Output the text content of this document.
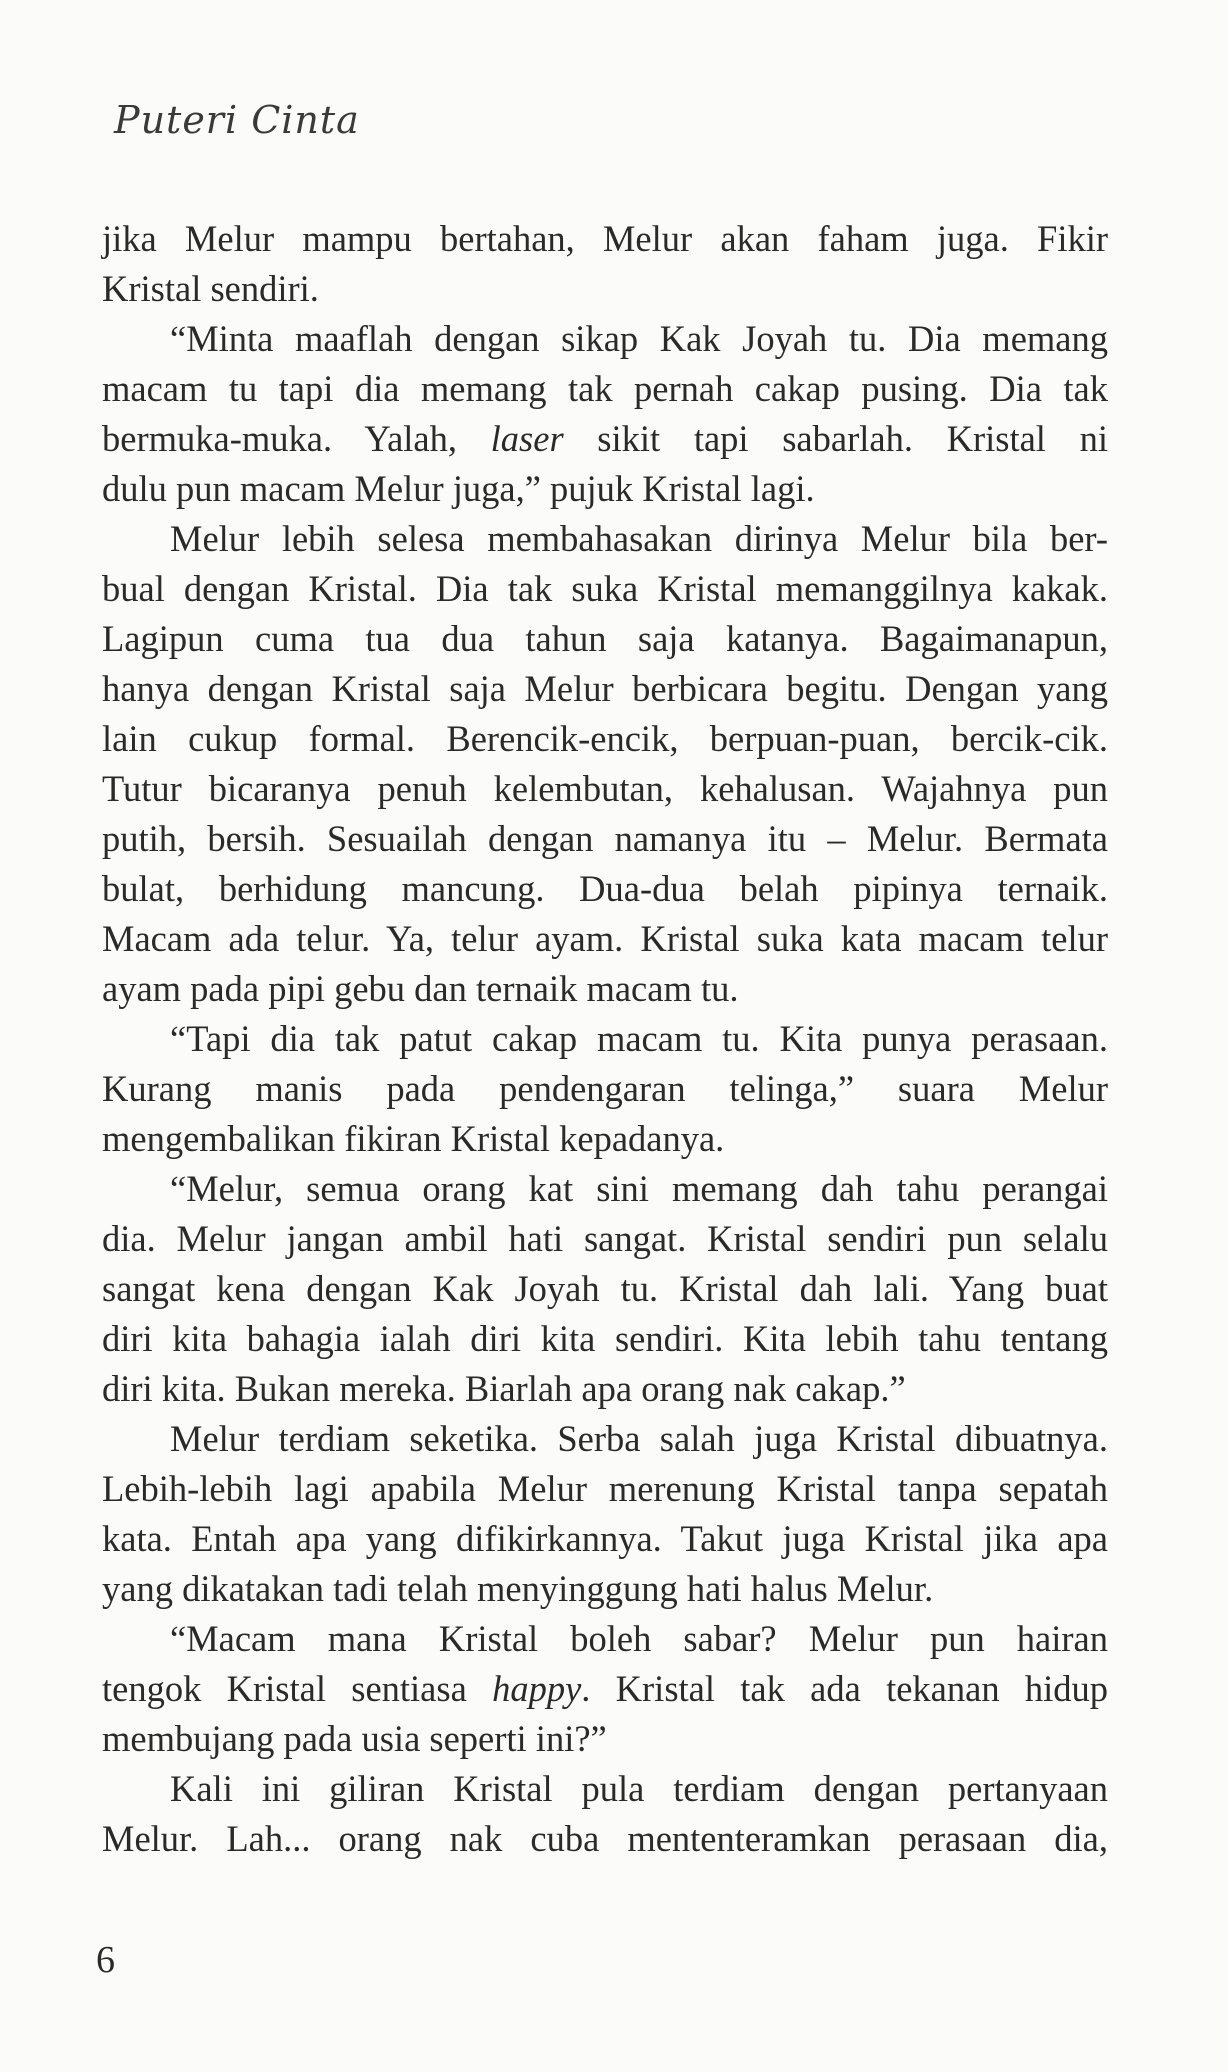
Puteri Cinta
jika Melur mampu bertahan, Melur akan faham juga. Fikir
Kristal sendiri.
“Minta maaflah dengan sikap Kak Joyah tu. Dia memang
macam tu tapi dia memang tak pernah cakap pusing. Dia tak
bermuka-muka. Yalah, laser sikit tapi sabarlah. Kristal ni
dulu pun macam Melur juga,” pujuk Kristal lagi.
Melur lebih selesa membahasakan dirinya Melur bila ber-
bual dengan Kristal. Dia tak suka Kristal memanggilnya kakak.
Lagipun cuma tua dua tahun saja katanya. Bagaimanapun,
hanya dengan Kristal saja Melur berbicara begitu. Dengan yang
lain cukup formal. Berencik-encik, berpuan-puan, bercik-cik.
Tutur bicaranya penuh kelembutan, kehalusan. Wajahnya pun
putih, bersih. Sesuailah dengan namanya itu – Melur. Bermata
bulat, berhidung mancung. Dua-dua belah pipinya ternaik.
Macam ada telur. Ya, telur ayam. Kristal suka kata macam telur
ayam pada pipi gebu dan ternaik macam tu.
“Tapi dia tak patut cakap macam tu. Kita punya perasaan.
Kurang manis pada pendengaran telinga,” suara Melur
mengembalikan fikiran Kristal kepadanya.
“Melur, semua orang kat sini memang dah tahu perangai
dia. Melur jangan ambil hati sangat. Kristal sendiri pun selalu
sangat kena dengan Kak Joyah tu. Kristal dah lali. Yang buat
diri kita bahagia ialah diri kita sendiri. Kita lebih tahu tentang
diri kita. Bukan mereka. Biarlah apa orang nak cakap.”
Melur terdiam seketika. Serba salah juga Kristal dibuatnya.
Lebih-lebih lagi apabila Melur merenung Kristal tanpa sepatah
kata. Entah apa yang difikirkannya. Takut juga Kristal jika apa
yang dikatakan tadi telah menyinggung hati halus Melur.
“Macam mana Kristal boleh sabar? Melur pun hairan
tengok Kristal sentiasa happy. Kristal tak ada tekanan hidup
membujang pada usia seperti ini?”
Kali ini giliran Kristal pula terdiam dengan pertanyaan
Melur. Lah... orang nak cuba mententeramkan perasaan dia,
6
